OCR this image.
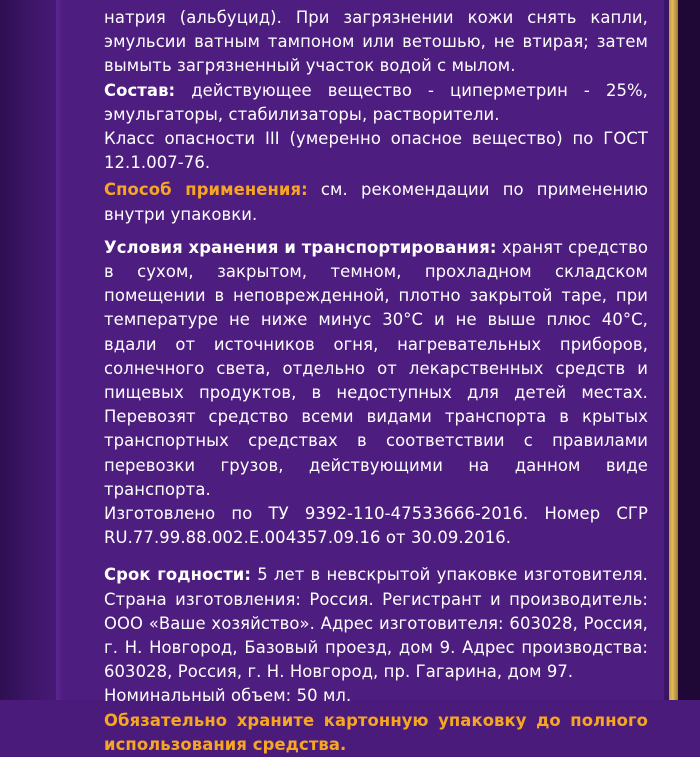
натрия (альбуцид). При загрязнении кожи снять капли, эмульсии ватным тампоном или ветошью, не втирая; затем вымыть загрязненный участок водой с мылом.

Состав: действующее вещество - циперметрин - 25%, эмульгаторы, стабилизаторы, растворители.

Класс опасности III (умеренно опасное вещество) по ГОСТ 12.1.007-76.

Способ применения: см. рекомендации по применению внутри упаковки.

Условия хранения и транспортирования: хранят средство в сухом, закрытом, темном, прохладном складском помещении в неповрежденной, плотно закрытой таре, при температуре не ниже минус 30°С и не выше плюс 40°С, вдали от источников огня, нагревательных приборов, солнечного света, отдельно от лекарственных средств и пищевых продуктов, в недоступных для детей местах. Перевозят средство всеми видами транспорта в крытых транспортных средствах в соответствии с правилами перевозки грузов, действующими на данном виде транспорта.

Изготовлено по ТУ 9392-110-47533666-2016. Номер СГР RU.77.99.88.002.Е.004357.09.16 от 30.09.2016.

Срок годности: 5 лет в невскрытой упаковке изготовителя. Страна изготовления: Россия. Регистрант и производитель: ООО «Ваше хозяйство». Адрес изготовителя: 603028, Россия, г. Н. Новгород, Базовый проезд, дом 9. Адрес производства: 603028, Россия, г. Н. Новгород, пр. Гагарина, дом 97.

Номинальный объем: 50 мл.

Обязательно храните картонную упаковку до полного использования средства.
